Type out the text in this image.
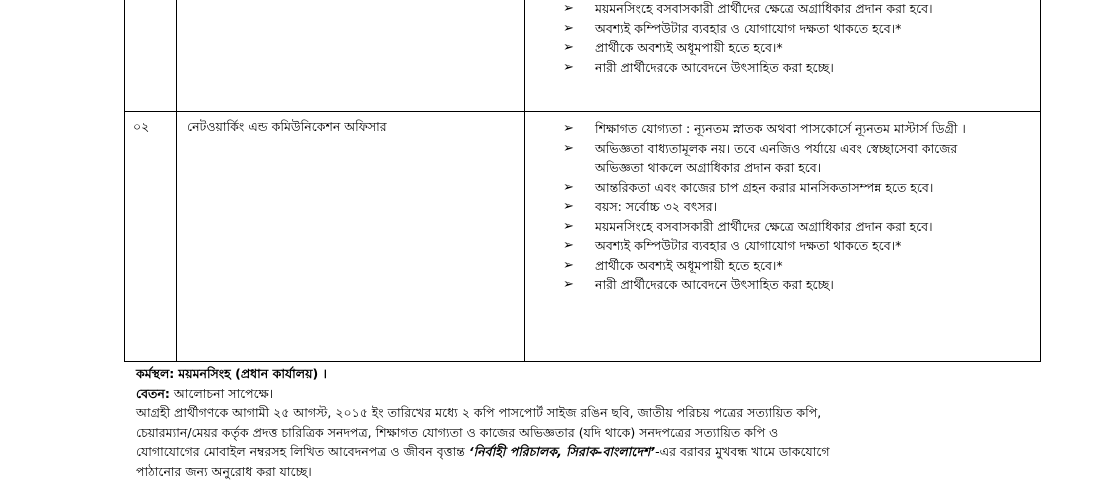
➢ ময়মনসিংহে বসবাসকারী প্রার্থীদের ক্ষেত্রে অগ্রাধিকার প্রদান করা হবে।
➢ অবশ্যই কম্পিউটার ব্যবহার ও যোগাযোগ দক্ষতা থাকতে হবে।*
➢ প্রার্থীকে অবশ্যই অধূমপায়ী হতে হবে।*
➢ নারী প্রার্থীদেরকে আবেদনে উৎসাহিত করা হচ্ছে।
০২	নেটওয়ার্কিং এন্ড কমিউনিকেশন অফিসার	➢ শিক্ষাগত যোগ্যতা : ন্যূনতম স্নাতক অথবা পাসকোর্সে ন্যূনতম মাস্টার্স ডিগ্রী ।
➢ অভিজ্ঞতা বাধ্যতামূলক নয়। তবে এনজিও পর্যায়ে এবং স্বেচ্ছাসেবা কাজের
অভিজ্ঞতা থাকলে অগ্রাধিকার প্রদান করা হবে।
➢ আন্তরিকতা এবং কাজের চাপ গ্রহন করার মানসিকতাসম্পন্ন হতে হবে।
➢ বয়স: সর্বোচ্চ ৩২ বৎসর।
➢ ময়মনসিংহে বসবাসকারী প্রার্থীদের ক্ষেত্রে অগ্রাধিকার প্রদান করা হবে।
➢ অবশ্যই কম্পিউটার ব্যবহার ও যোগাযোগ দক্ষতা থাকতে হবে।*
➢ প্রার্থীকে অবশ্যই অধূমপায়ী হতে হবে।*
➢ নারী প্রার্থীদেরকে আবেদনে উৎসাহিত করা হচ্ছে।
কর্মস্থল: ময়মনসিংহ (প্রধান কার্যালয়) ।
বেতন: আলোচনা সাপেক্ষে।
আগ্রহী প্রার্থীগণকে আগামী ২৫ আগস্ট, ২০১৫ ইং তারিখের মধ্যে ২ কপি পাসপোর্ট সাইজ রঙিন ছবি, জাতীয় পরিচয় পত্রের সত্যায়িত কপি,
চেয়ারম্যান/মেয়র কর্তৃক প্রদত্ত চারিত্রিক সনদপত্র, শিক্ষাগত যোগ্যতা ও কাজের অভিজ্ঞতার (যদি থাকে) সনদপত্রের সত্যায়িত কপি ও
যোগাযোগের মোবাইল নম্বরসহ লিখিত আবেদনপত্র ও জীবন বৃত্তান্ত ‘নির্বাহী পরিচালক, সিরাক-বাংলাদেশ’-এর বরাবর মুখবন্ধ খামে ডাকযোগে
পাঠানোর জন্য অনুরোধ করা যাচ্ছে।
